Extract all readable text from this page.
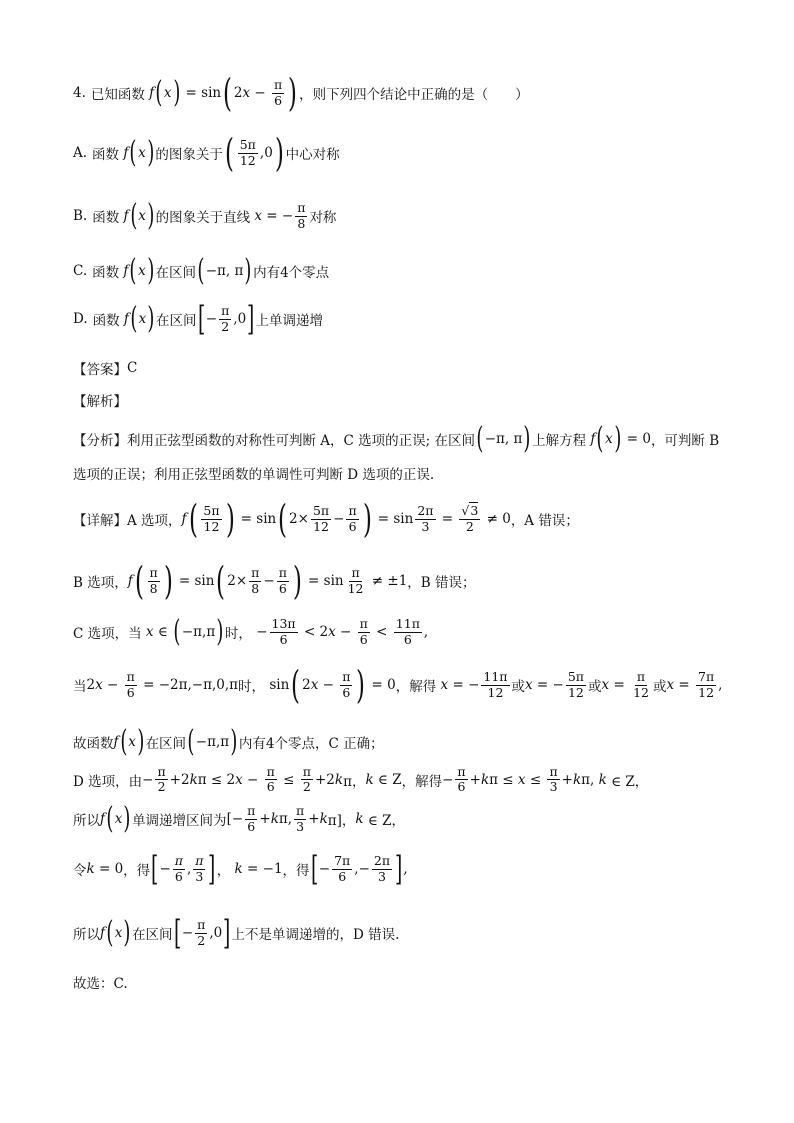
4. 已知函数 f ( x ) = sin ( 2 $x - \frac{\pi}{6}$ ) ，则下列四个结论中正确的是（　　）
A. 函数 f ( x ) 的图象关于 ( $\frac{5\pi}{12} ,0$ ) 中心对称
B. 函数 f ( x ) 的图象关于直线
x = − $\frac{\pi}{8}$ 对称
C. 函数 f ( x ) 在区间 ( −π, π ) 内有4个零点
D. 函数 f ( x ) 在区间 [ − $\frac{\pi}{2} ,0$ ] 上单调递增
【答案】 C
【解析】
【分析】 利用正弦型函数的对称性可判断 A，C 选项的正误; 在区间 ( −π, π ) 上解方程 f ( x ) = 0 ，可判断 B
选项的正误；利用正弦型函数的单调性可判断 D 选项的正误.
【详解】 A 选项， f ( $\frac{5\pi}{12}$ ) = sin ( $2\times \frac{5\pi}{12} - \frac{\pi}{6}$ ) = $\sin \frac{2\pi}{3} = \frac{√3}{2} \ne 0$ ，A 错误；
B 选项， f ( $\frac{\pi}{8}$ ) = sin ( $2\times \frac{\pi}{8} - \frac{\pi}{6}$ ) = $\sin \frac{\pi}{12} \ne \pm 1$ ，B 错误；
C 选项，当
x ∈ ( −π,π ) 时， − $\frac{13\pi}{6} < 2$ $x - \frac{\pi}{6} < \frac{11\pi}{6}$ ,
当 2 $x - \frac{\pi}{6} = -2\pi,-\pi,0,\pi$ 时， sin ( 2 $x - \frac{\pi}{6}$ ) = 0 ，解得
x = − $\frac{11\pi}{12}$ 或 x = − $\frac{5\pi}{12}$ 或 $x = \frac{\pi}{12}$ 或 $x = \frac{7\pi}{12}$ ,
故函数 f ( x ) 在区间 ( −π,π ) 内有4个零点，C 正确；
D 选项，由 − $\frac{\pi}{2} +2$ k π ≤ 2 $x - \frac{\pi}{6} \le \frac{\pi}{2} +2$ k π， k ∈ Z ，解得 − $\frac{\pi}{6} + k$ $\pi \le x \le \frac{\pi}{3} + k$ π, k ∈ Z，
所以 f ( x ) 单调递增区间为 [− $\frac{\pi}{6} + k$ π, $\frac{\pi}{3} + k$ π]， k ∈ Z，
令 k = 0 ，得 [ − $\frac{\pi}{6}$ , $\frac{\pi}{3}$ ] ， k = −1 ，得 [ − $\frac{7\pi}{6}$ ,− $\frac{2\pi}{3}$ ] ,
所以 f ( x ) 在区间 [ − $\frac{\pi}{2} ,0$ ] 上不是单调递增的，D 错误.
故选：C.
